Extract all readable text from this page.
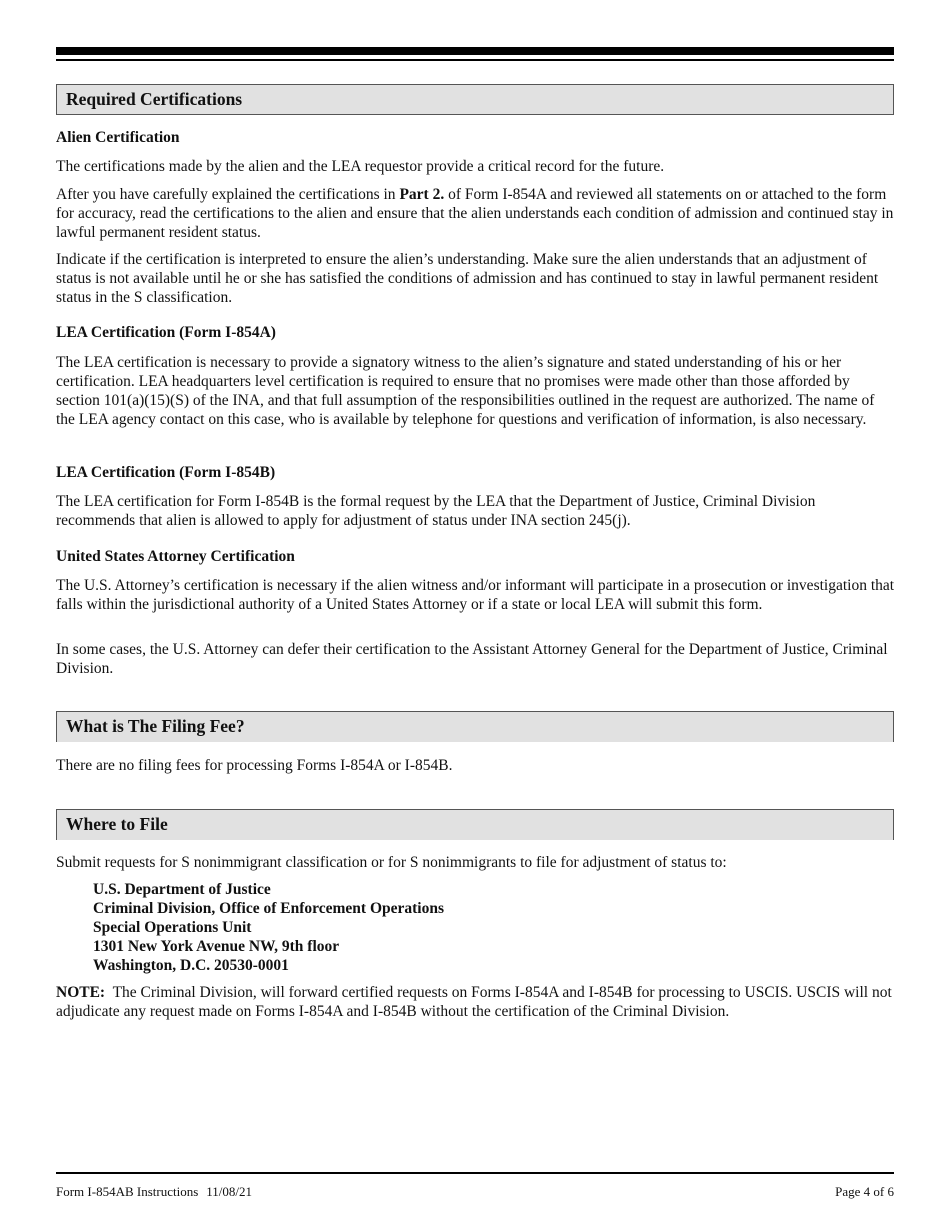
Required Certifications
Alien Certification
The certifications made by the alien and the LEA requestor provide a critical record for the future.
After you have carefully explained the certifications in Part 2. of Form I-854A and reviewed all statements on or attached to the form for accuracy, read the certifications to the alien and ensure that the alien understands each condition of admission and continued stay in lawful permanent resident status.
Indicate if the certification is interpreted to ensure the alien’s understanding. Make sure the alien understands that an adjustment of status is not available until he or she has satisfied the conditions of admission and has continued to stay in lawful permanent resident status in the S classification.
LEA Certification (Form I-854A)
The LEA certification is necessary to provide a signatory witness to the alien’s signature and stated understanding of his or her certification. LEA headquarters level certification is required to ensure that no promises were made other than those afforded by section 101(a)(15)(S) of the INA, and that full assumption of the responsibilities outlined in the request are authorized. The name of the LEA agency contact on this case, who is available by telephone for questions and verification of information, is also necessary.
LEA Certification (Form I-854B)
The LEA certification for Form I-854B is the formal request by the LEA that the Department of Justice, Criminal Division recommends that alien is allowed to apply for adjustment of status under INA section 245(j).
United States Attorney Certification
The U.S. Attorney’s certification is necessary if the alien witness and/or informant will participate in a prosecution or investigation that falls within the jurisdictional authority of a United States Attorney or if a state or local LEA will submit this form.
In some cases, the U.S. Attorney can defer their certification to the Assistant Attorney General for the Department of Justice, Criminal Division.
What is The Filing Fee?
There are no filing fees for processing Forms I-854A or I-854B.
Where to File
Submit requests for S nonimmigrant classification or for S nonimmigrants to file for adjustment of status to:
U.S. Department of Justice
Criminal Division, Office of Enforcement Operations
Special Operations Unit
1301 New York Avenue NW, 9th floor
Washington, D.C. 20530-0001
NOTE:  The Criminal Division, will forward certified requests on Forms I-854A and I-854B for processing to USCIS. USCIS will not adjudicate any request made on Forms I-854A and I-854B without the certification of the Criminal Division.
Form I-854AB Instructions 11/08/21	Page 4 of 6
